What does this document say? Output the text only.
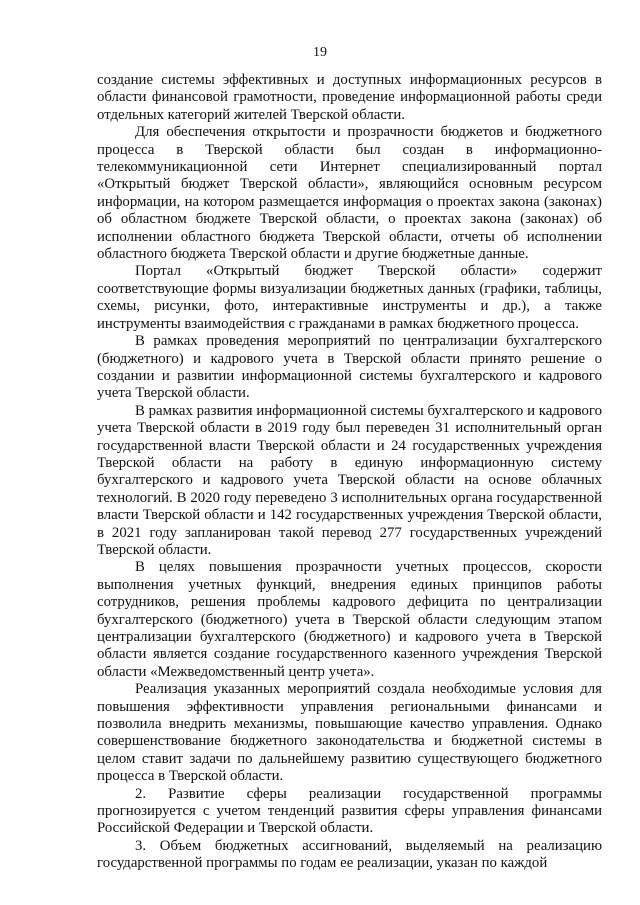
19

создание системы эффективных и доступных информационных ресурсов в области финансовой грамотности, проведение информационной работы среди отдельных категорий жителей Тверской области.

Для обеспечения открытости и прозрачности бюджетов и бюджетного процесса в Тверской области был создан в информационно-телекоммуникационной сети Интернет специализированный портал «Открытый бюджет Тверской области», являющийся основным ресурсом информации, на котором размещается информация о проектах закона (законах) об областном бюджете Тверской области, о проектах закона (законах) об исполнении областного бюджета Тверской области, отчеты об исполнении областного бюджета Тверской области и другие бюджетные данные.

Портал «Открытый бюджет Тверской области» содержит соответствующие формы визуализации бюджетных данных (графики, таблицы, схемы, рисунки, фото, интерактивные инструменты и др.), а также инструменты взаимодействия с гражданами в рамках бюджетного процесса.

В рамках проведения мероприятий по централизации бухгалтерского (бюджетного) и кадрового учета в Тверской области принято решение о создании и развитии информационной системы бухгалтерского и кадрового учета Тверской области.

В рамках развития информационной системы бухгалтерского и кадрового учета Тверской области в 2019 году был переведен 31 исполнительный орган государственной власти Тверской области и 24 государственных учреждения Тверской области на работу в единую информационную систему бухгалтерского и кадрового учета Тверской области на основе облачных технологий. В 2020 году переведено 3 исполнительных органа государственной власти Тверской области и 142 государственных учреждения Тверской области, в 2021 году запланирован такой перевод 277 государственных учреждений Тверской области.

В целях повышения прозрачности учетных процессов, скорости выполнения учетных функций, внедрения единых принципов работы сотрудников, решения проблемы кадрового дефицита по централизации бухгалтерского (бюджетного) учета в Тверской области следующим этапом централизации бухгалтерского (бюджетного) и кадрового учета в Тверской области является создание государственного казенного учреждения Тверской области «Межведомственный центр учета».

Реализация указанных мероприятий создала необходимые условия для повышения эффективности управления региональными финансами и позволила внедрить механизмы, повышающие качество управления. Однако совершенствование бюджетного законодательства и бюджетной системы в целом ставит задачи по дальнейшему развитию существующего бюджетного процесса в Тверской области.

2. Развитие сферы реализации государственной программы прогнозируется с учетом тенденций развития сферы управления финансами Российской Федерации и Тверской области.

3. Объем бюджетных ассигнований, выделяемый на реализацию государственной программы по годам ее реализации, указан по каждой
